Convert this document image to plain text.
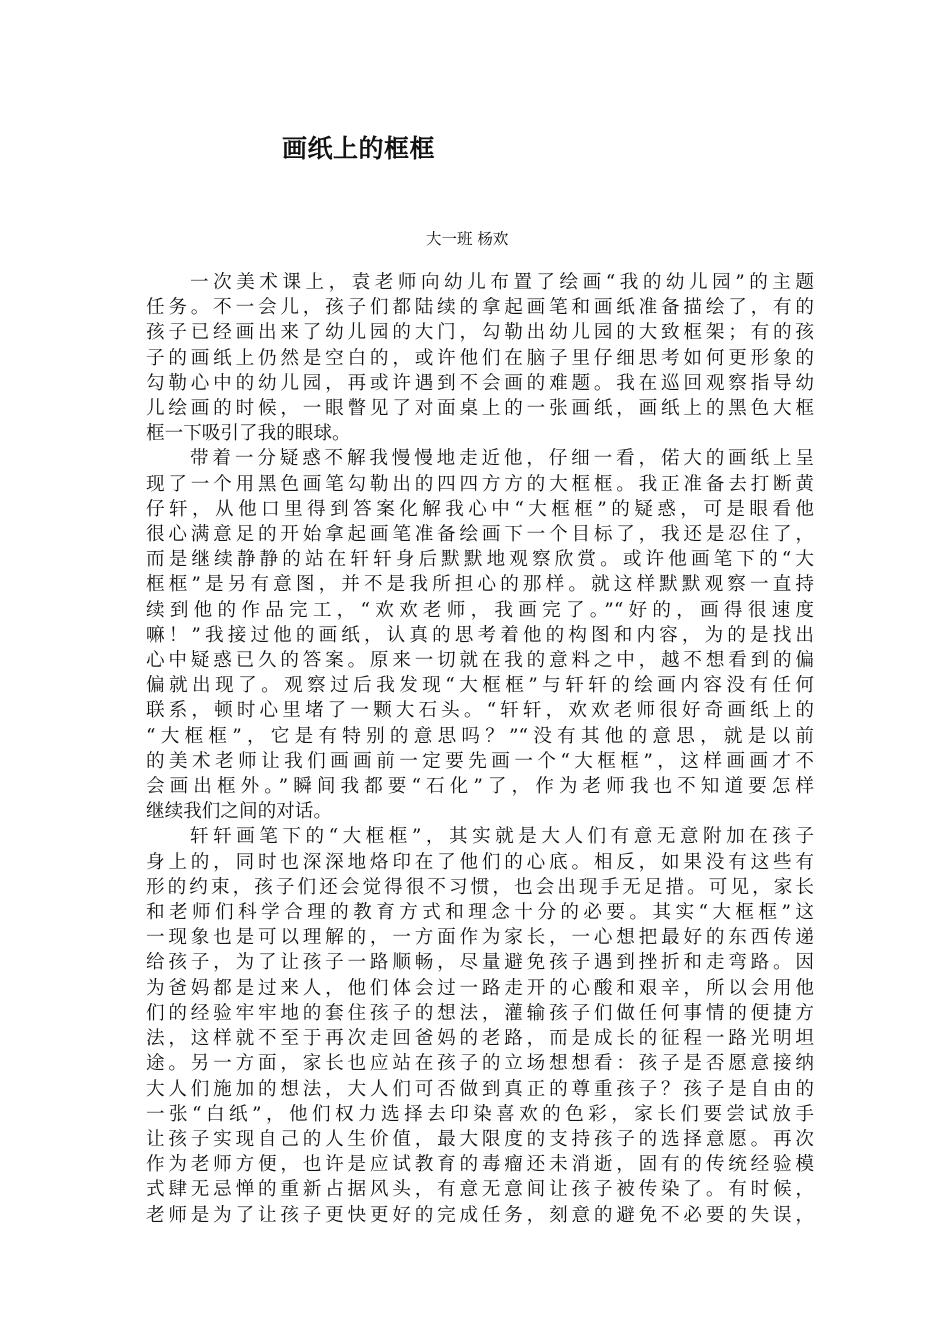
画纸上的框框

大一班 杨欢

一次美术课上，袁老师向幼儿布置了绘画“我的幼儿园”的主题
任务。不一会儿，孩子们都陆续的拿起画笔和画纸准备描绘了，有的
孩子已经画出来了幼儿园的大门，勾勒出幼儿园的大致框架；有的孩
子的画纸上仍然是空白的，或许他们在脑子里仔细思考如何更形象的
勾勒心中的幼儿园，再或许遇到不会画的难题。我在巡回观察指导幼
儿绘画的时候，一眼瞥见了对面桌上的一张画纸，画纸上的黑色大框
框一下吸引了我的眼球。
带着一分疑惑不解我慢慢地走近他，仔细一看，偌大的画纸上呈
现了一个用黑色画笔勾勒出的四四方方的大框框。我正准备去打断黄
仔轩，从他口里得到答案化解我心中“大框框”的疑惑，可是眼看他
很心满意足的开始拿起画笔准备绘画下一个目标了，我还是忍住了，
而是继续静静的站在轩轩身后默默地观察欣赏。或许他画笔下的“大
框框”是另有意图，并不是我所担心的那样。就这样默默观察一直持
续到他的作品完工，“欢欢老师，我画完了。”“好的，画得很速度
嘛！”我接过他的画纸，认真的思考着他的构图和内容，为的是找出
心中疑惑已久的答案。原来一切就在我的意料之中，越不想看到的偏
偏就出现了。观察过后我发现“大框框”与轩轩的绘画内容没有任何
联系，顿时心里堵了一颗大石头。“轩轩，欢欢老师很好奇画纸上的
“大框框”，它是有特别的意思吗？”“没有其他的意思，就是以前
的美术老师让我们画画前一定要先画一个“大框框”，这样画画才不
会画出框外。”瞬间我都要“石化”了，作为老师我也不知道要怎样
继续我们之间的对话。
轩轩画笔下的“大框框”，其实就是大人们有意无意附加在孩子
身上的，同时也深深地烙印在了他们的心底。相反，如果没有这些有
形的约束，孩子们还会觉得很不习惯，也会出现手无足措。可见，家长
和老师们科学合理的教育方式和理念十分的必要。其实“大框框”这
一现象也是可以理解的，一方面作为家长，一心想把最好的东西传递
给孩子，为了让孩子一路顺畅，尽量避免孩子遇到挫折和走弯路。因
为爸妈都是过来人，他们体会过一路走开的心酸和艰辛，所以会用他
们的经验牢牢地的套住孩子的想法，灌输孩子们做任何事情的便捷方
法，这样就不至于再次走回爸妈的老路，而是成长的征程一路光明坦
途。另一方面，家长也应站在孩子的立场想想看：孩子是否愿意接纳
大人们施加的想法，大人们可否做到真正的尊重孩子？孩子是自由的
一张“白纸”，他们权力选择去印染喜欢的色彩，家长们要尝试放手
让孩子实现自己的人生价值，最大限度的支持孩子的选择意愿。再次
作为老师方便，也许是应试教育的毒瘤还未消逝，固有的传统经验模
式肆无忌惮的重新占据风头，有意无意间让孩子被传染了。有时候，
老师是为了让孩子更快更好的完成任务，刻意的避免不必要的失误，
